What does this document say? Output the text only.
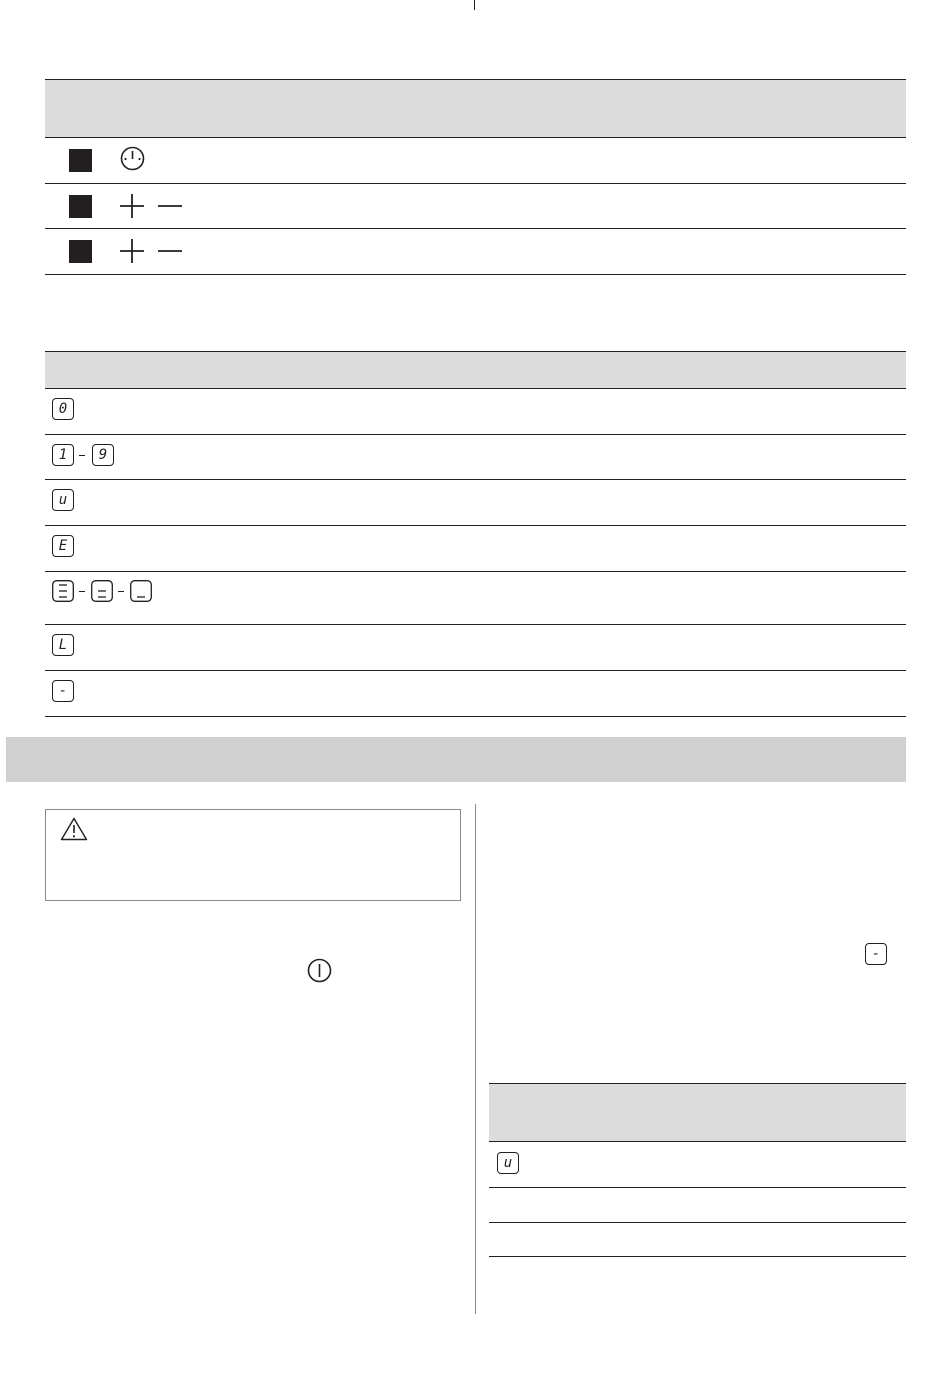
0
1	9
u
E
L
-
-
u
